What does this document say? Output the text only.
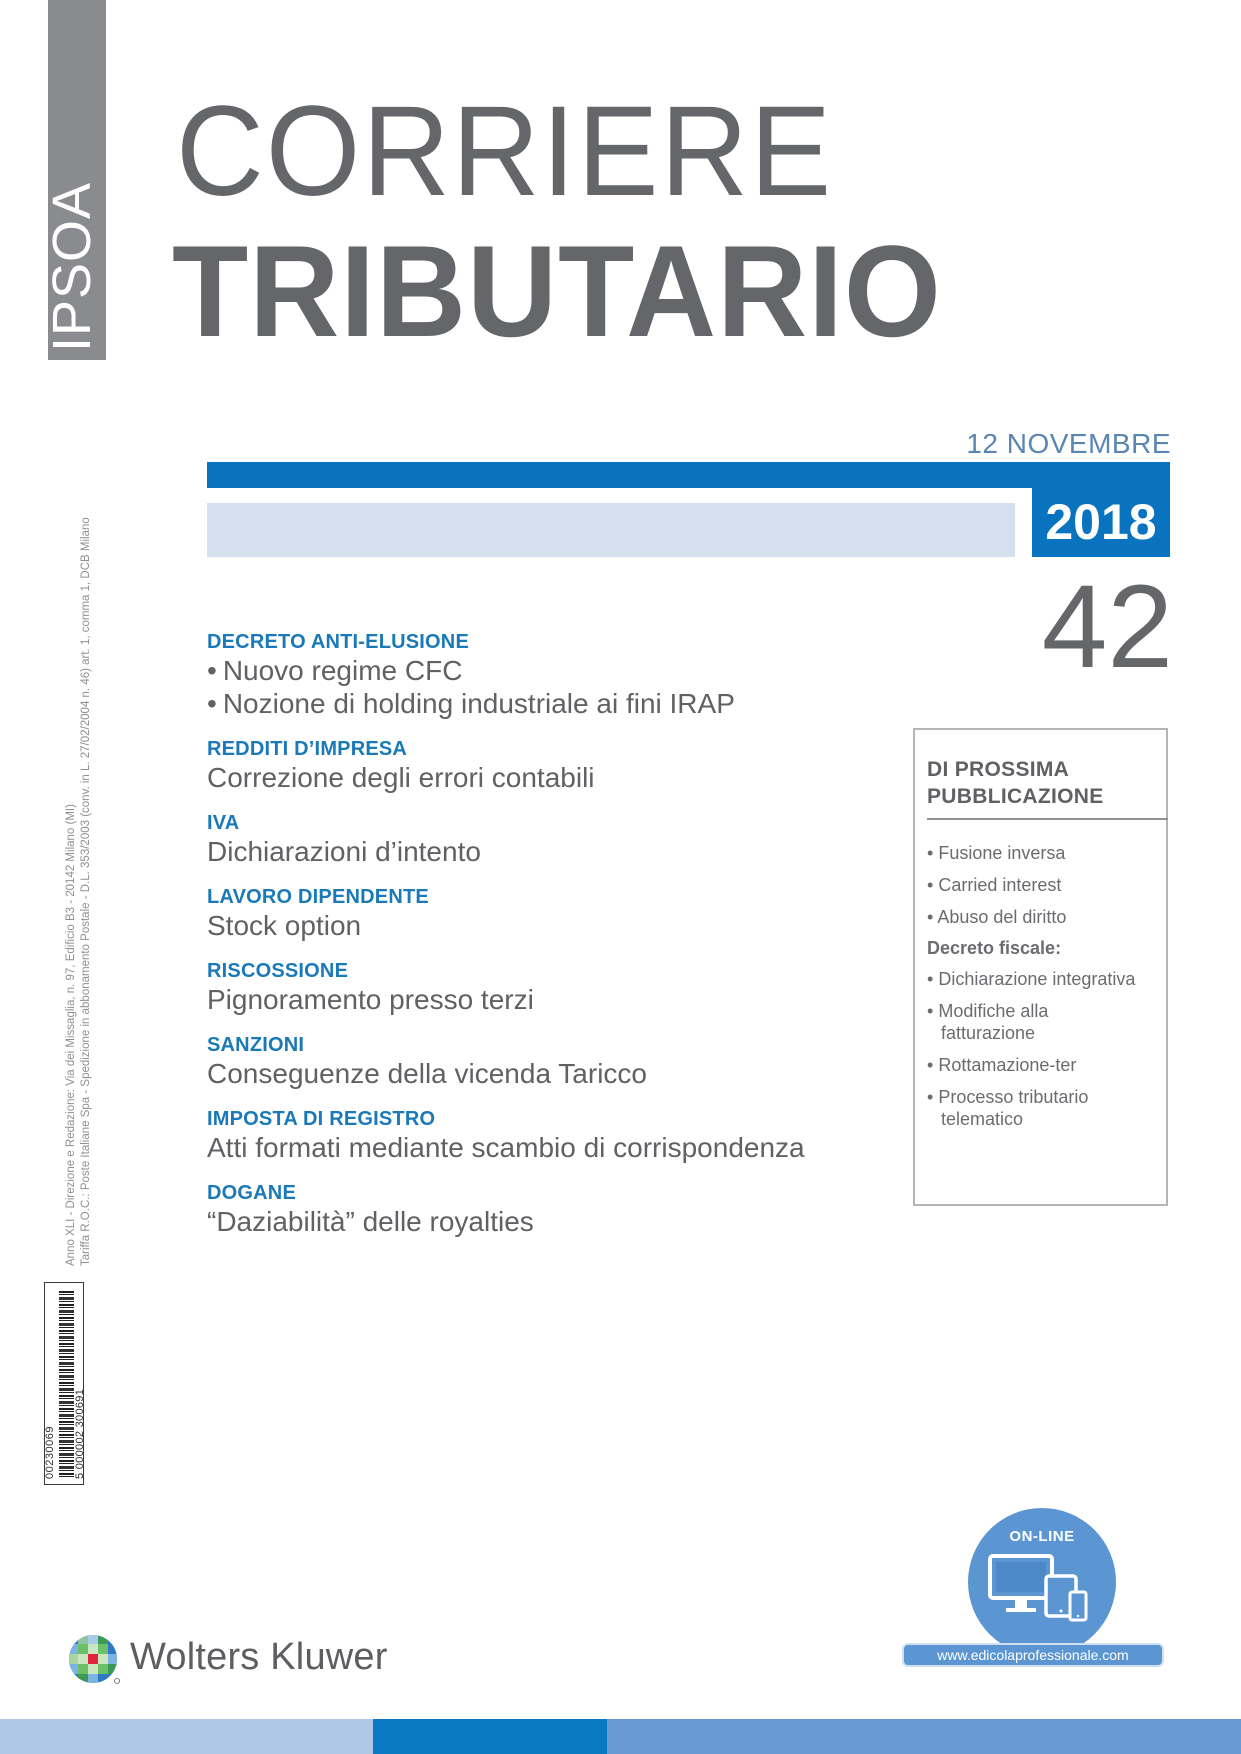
IPSOA
CORRIERE
TRIBUTARIO
12 NOVEMBRE
2018
42
DECRETO ANTI-ELUSIONE
• Nuovo regime CFC
• Nozione di holding industriale ai fini IRAP
REDDITI D’IMPRESA
Correzione degli errori contabili
IVA
Dichiarazioni d’intento
LAVORO DIPENDENTE
Stock option
RISCOSSIONE
Pignoramento presso terzi
SANZIONI
Conseguenze della vicenda Taricco
IMPOSTA DI REGISTRO
Atti formati mediante scambio di corrispondenza
DOGANE
“Daziabilità” delle royalties
DI PROSSIMA
PUBBLICAZIONE
• Fusione inversa
• Carried interest
• Abuso del diritto
Decreto fiscale:
• Dichiarazione integrativa
• Modifiche alla fatturazione
• Rottamazione-ter
• Processo tributario telematico
Anno XLI - Direzione e Redazione: Via dei Missaglia, n. 97, Edificio B3 - 20142 Milano (MI) Tariffa R.O.C.: Poste Italiane Spa - Spedizione in abbonamento Postale - D.L. 353/2003 (conv. in L. 27/02/2004 n. 46) art. 1, comma 1, DCB Milano
00230069 5 000002 300691
ON-LINE
www.edicolaprofessionale.com
Wolters Kluwer
